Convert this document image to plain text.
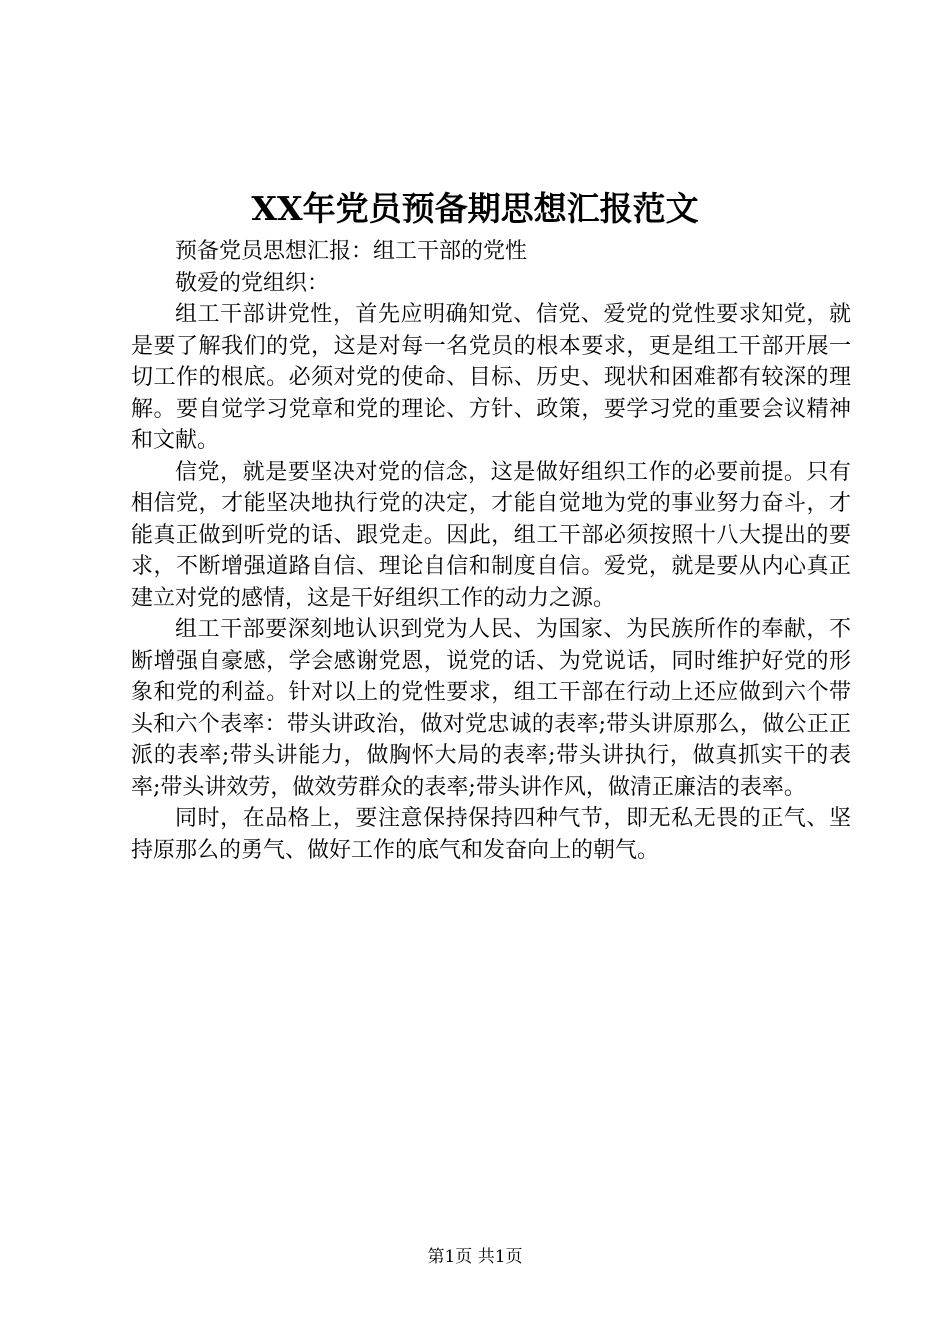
XX年党员预备期思想汇报范文

预备党员思想汇报：组工干部的党性

敬爱的党组织：

组工干部讲党性，首先应明确知党、信党、爱党的党性要求知党，就是要了解我们的党，这是对每一名党员的根本要求，更是组工干部开展一切工作的根底。必须对党的使命、目标、历史、现状和困难都有较深的理解。要自觉学习党章和党的理论、方针、政策，要学习党的重要会议精神和文献。

信党，就是要坚决对党的信念，这是做好组织工作的必要前提。只有相信党，才能坚决地执行党的决定，才能自觉地为党的事业努力奋斗，才能真正做到听党的话、跟党走。因此，组工干部必须按照十八大提出的要求，不断增强道路自信、理论自信和制度自信。爱党，就是要从内心真正建立对党的感情，这是干好组织工作的动力之源。

组工干部要深刻地认识到党为人民、为国家、为民族所作的奉献，不断增强自豪感，学会感谢党恩，说党的话、为党说话，同时维护好党的形象和党的利益。针对以上的党性要求，组工干部在行动上还应做到六个带头和六个表率：带头讲政治，做对党忠诚的表率;带头讲原那么，做公正正派的表率;带头讲能力，做胸怀大局的表率;带头讲执行，做真抓实干的表率;带头讲效劳，做效劳群众的表率;带头讲作风，做清正廉洁的表率。

同时，在品格上，要注意保持保持四种气节，即无私无畏的正气、坚持原那么的勇气、做好工作的底气和发奋向上的朝气。

第1页 共1页
